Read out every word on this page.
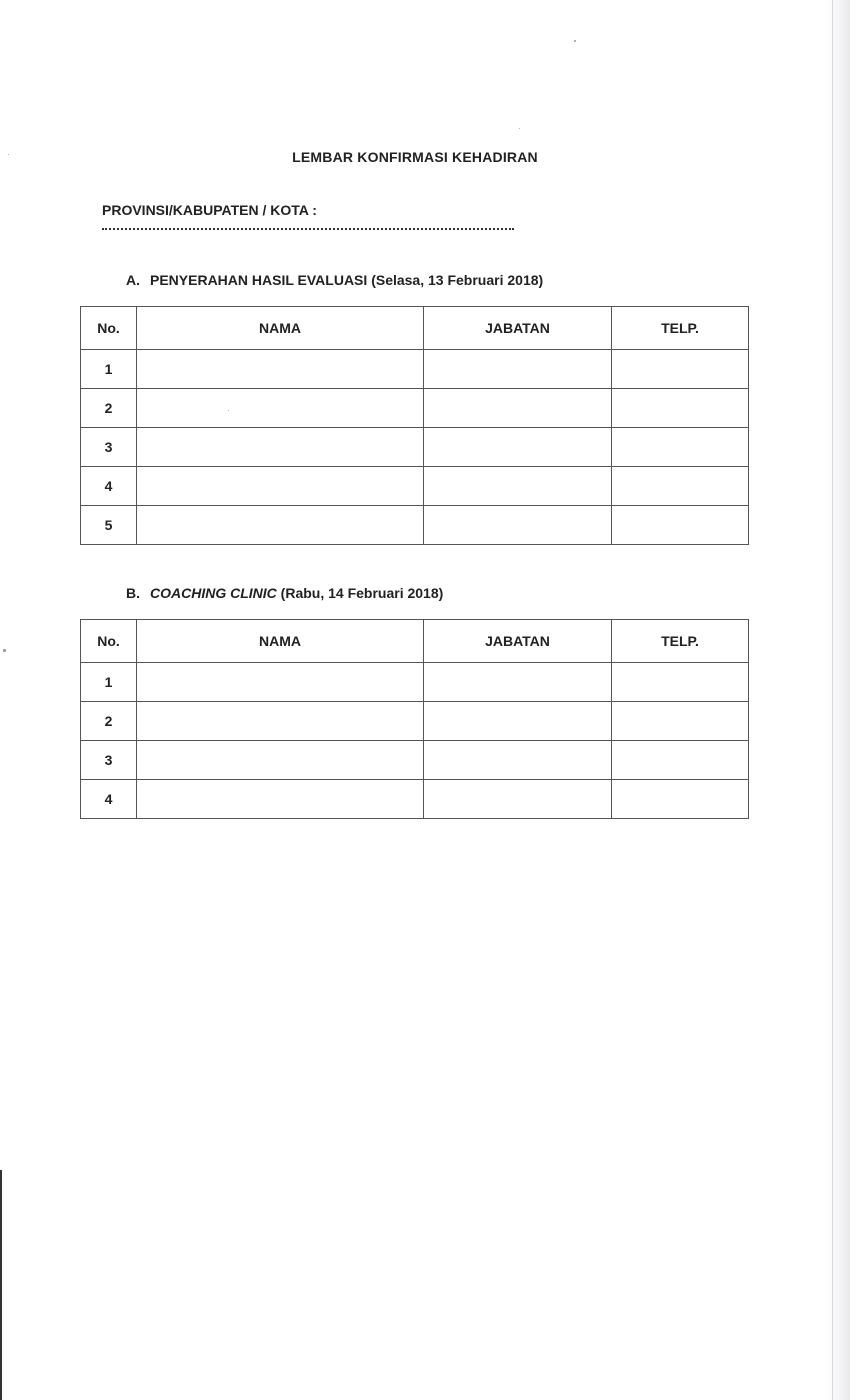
LEMBAR KONFIRMASI KEHADIRAN
PROVINSI/KABUPATEN / KOTA :
A. PENYERAHAN HASIL EVALUASI (Selasa, 13 Februari 2018)
No.	NAMA	JABATAN	TELP.
1			
2			
3			
4			
5			
B. COACHING CLINIC (Rabu, 14 Februari 2018)
No.	NAMA	JABATAN	TELP.
1			
2			
3			
4			
